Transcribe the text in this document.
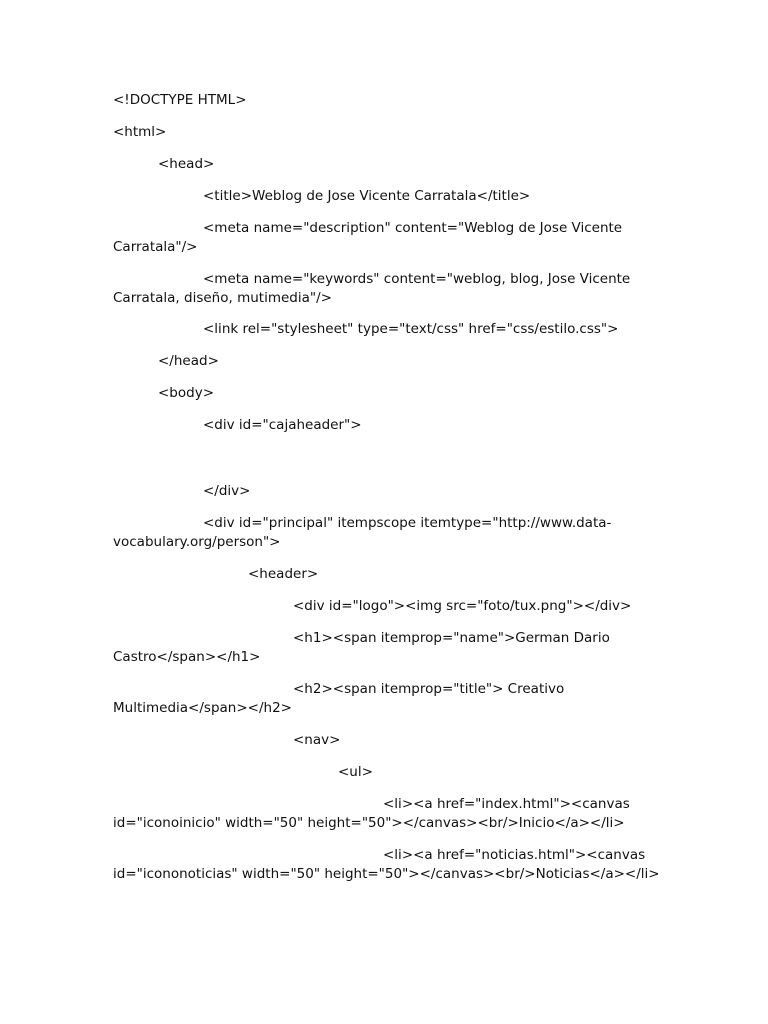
<!DOCTYPE HTML>

<html>

<head>

<title>Weblog de Jose Vicente Carratala</title>

<meta name="description" content="Weblog de Jose Vicente Carratala"/>

<meta name="keywords" content="weblog, blog, Jose Vicente Carratala, diseño, mutimedia"/>

<link rel="stylesheet" type="text/css" href="css/estilo.css">

</head>

<body>

<div id="cajaheader">

</div>

<div id="principal" itempscope itemtype="http://www.data-vocabulary.org/person">

<header>

<div id="logo"><img src="foto/tux.png"></div>

<h1><span itemprop="name">German Dario Castro</span></h1>

<h2><span itemprop="title"> Creativo Multimedia</span></h2>

<nav>

<ul>

<li><a href="index.html"><canvas id="iconoinicio" width="50" height="50"></canvas><br/>Inicio</a></li>

<li><a href="noticias.html"><canvas id="icononoticias" width="50" height="50"></canvas><br/>Noticias</a></li>
